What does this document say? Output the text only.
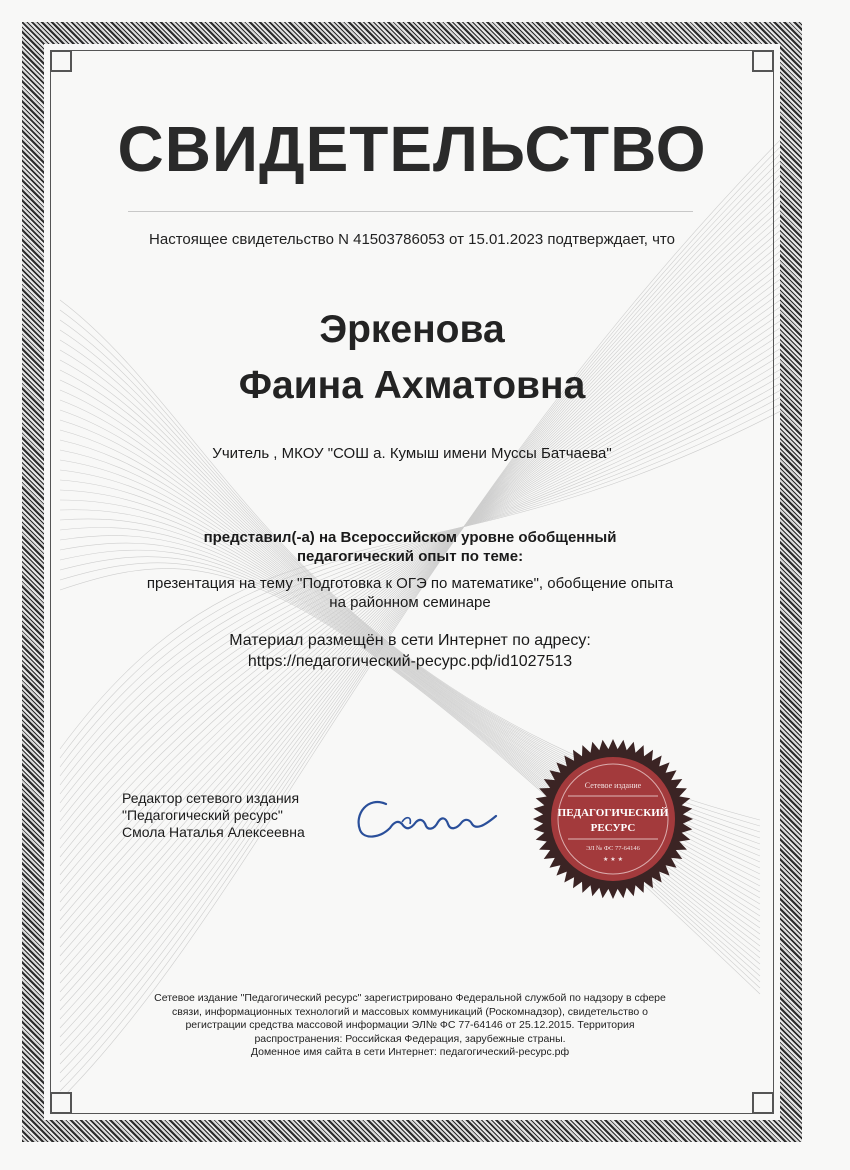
СВИДЕТЕЛЬСТВО
Настоящее свидетельство N 41503786053 от 15.01.2023 подтверждает, что
Эркенова
Фаина Ахматовна
Учитель , МКОУ "СОШ а. Кумыш имени Муссы Батчаева"
представил(-а) на Всероссийском уровне обобщенный педагогический опыт по теме:
презентация на тему "Подготовка к ОГЭ по математике", обобщение опыта на районном семинаре
Материал размещён в сети Интернет по адресу:
https://педагогический-ресурс.рф/id1027513
Редактор сетевого издания
"Педагогический ресурс"
Смола Наталья Алексеевна
Сетевое издание
ПЕДАГОГИЧЕСКИЙ
РЕСУРС
ЭЛ № ФС 77-64146
★ ★ ★
Сетевое издание "Педагогический ресурс" зарегистрировано Федеральной службой по надзору в сфере
связи, информационных технологий и массовых коммуникаций (Роскомнадзор), свидетельство о
регистрации средства массовой информации ЭЛ№ ФС 77-64146 от 25.12.2015. Территория
распространения: Российская Федерация, зарубежные страны.
Доменное имя сайта в сети Интернет: педагогический-ресурс.рф
